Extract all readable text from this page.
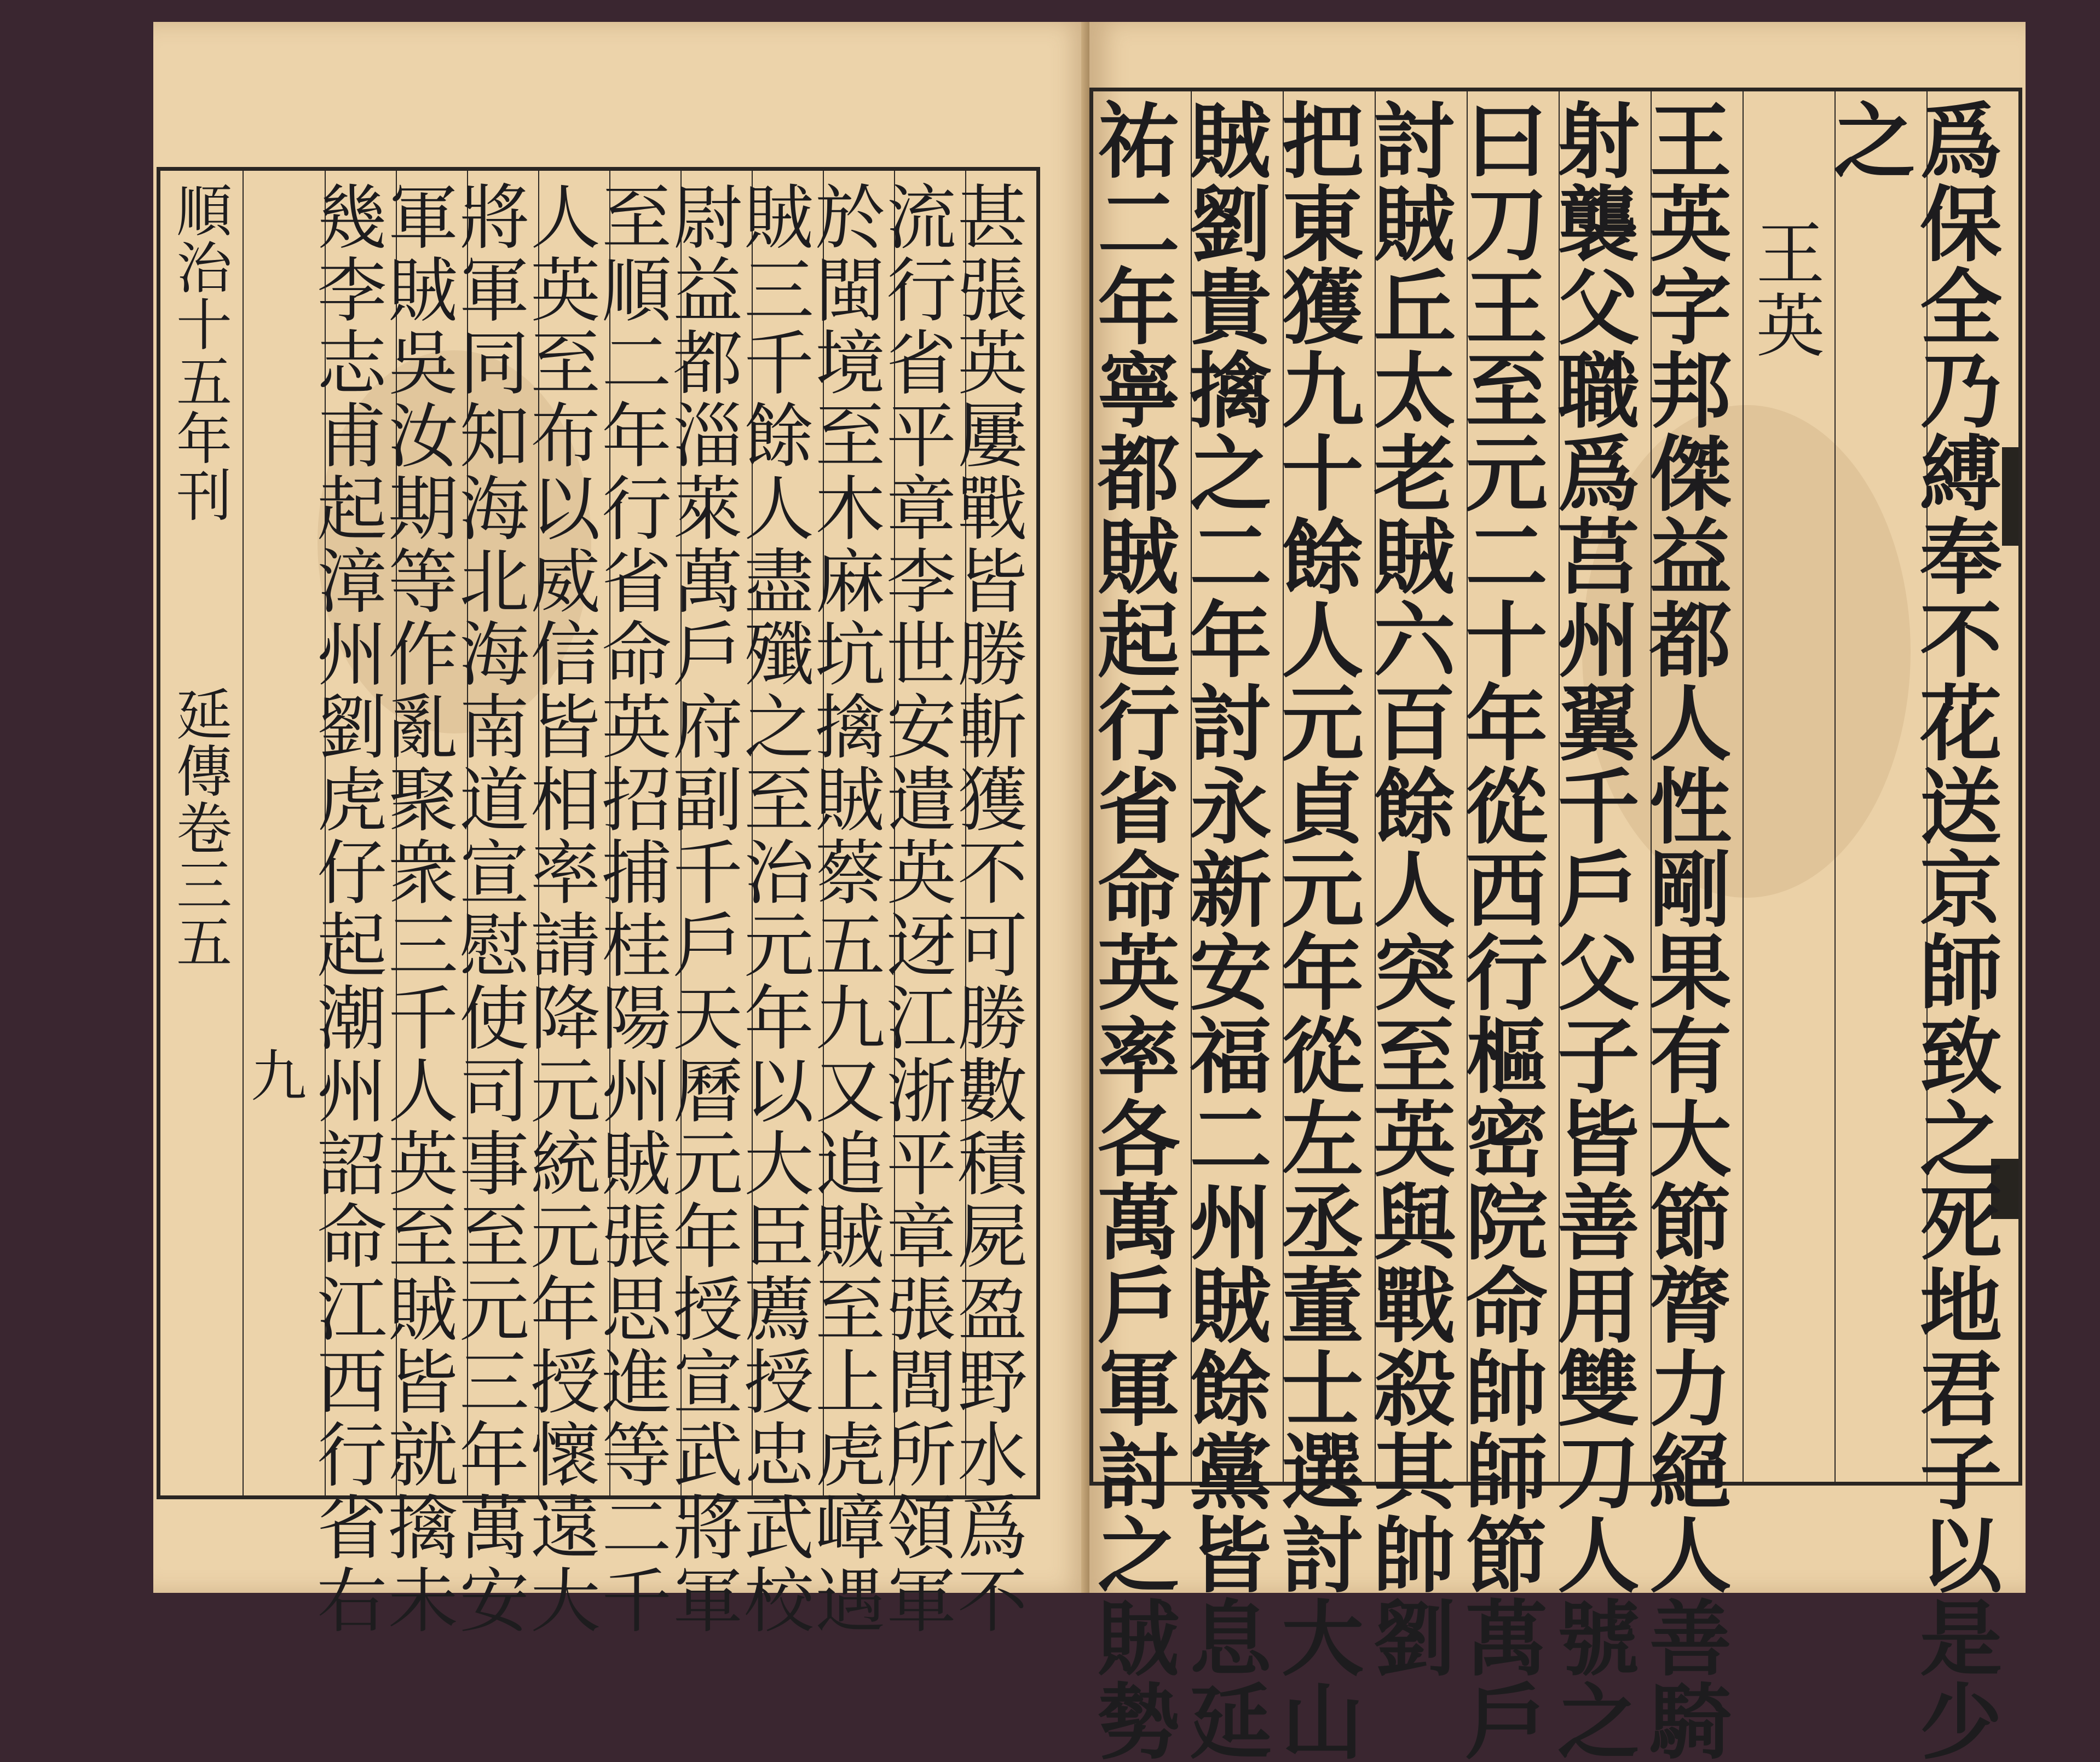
順治十五年刊
延傳卷三五
九	甚張英屢戰皆勝斬獲不可勝數積屍盈野水爲不
流行省平章李世安遣英迓江浙平章張閭所領軍
於閩境至木麻坑擒賊蔡五九又追賊至上虎嶂遇
賊三千餘人盡殲之至治元年以大臣薦授忠武校
尉益都淄萊萬戶府副千戶天曆元年授宣武將軍
至順二年行省命英招捕桂陽州賊張思進等二千
人英至布以威信皆相率請降元統元年授懷遠大
將軍同知海北海南道宣慰使司事至元三年萬安
軍賊吳汝期等作亂聚衆三千人英至賊皆就擒未
幾李志甫起漳州劉虎仔起潮州詔命江西行省右	爲保全乃縛奉不花送京師致之死地君子以是少
之
王英
王英字邦傑益都人性剛果有大節膂力絕人善騎
射襲父職爲莒州翼千戶父子皆善用雙刀人號之
曰刀王至元二十年從西行樞密院命帥師節萬戶
討賊丘太老賊六百餘人突至英與戰殺其帥劉
把東獲九十餘人元貞元年從左丞董士選討大山
賊劉貴擒之二年討永新安福二州賊餘黨皆息延
祐二年寧都賊起行省命英率各萬戶軍討之賊勢
